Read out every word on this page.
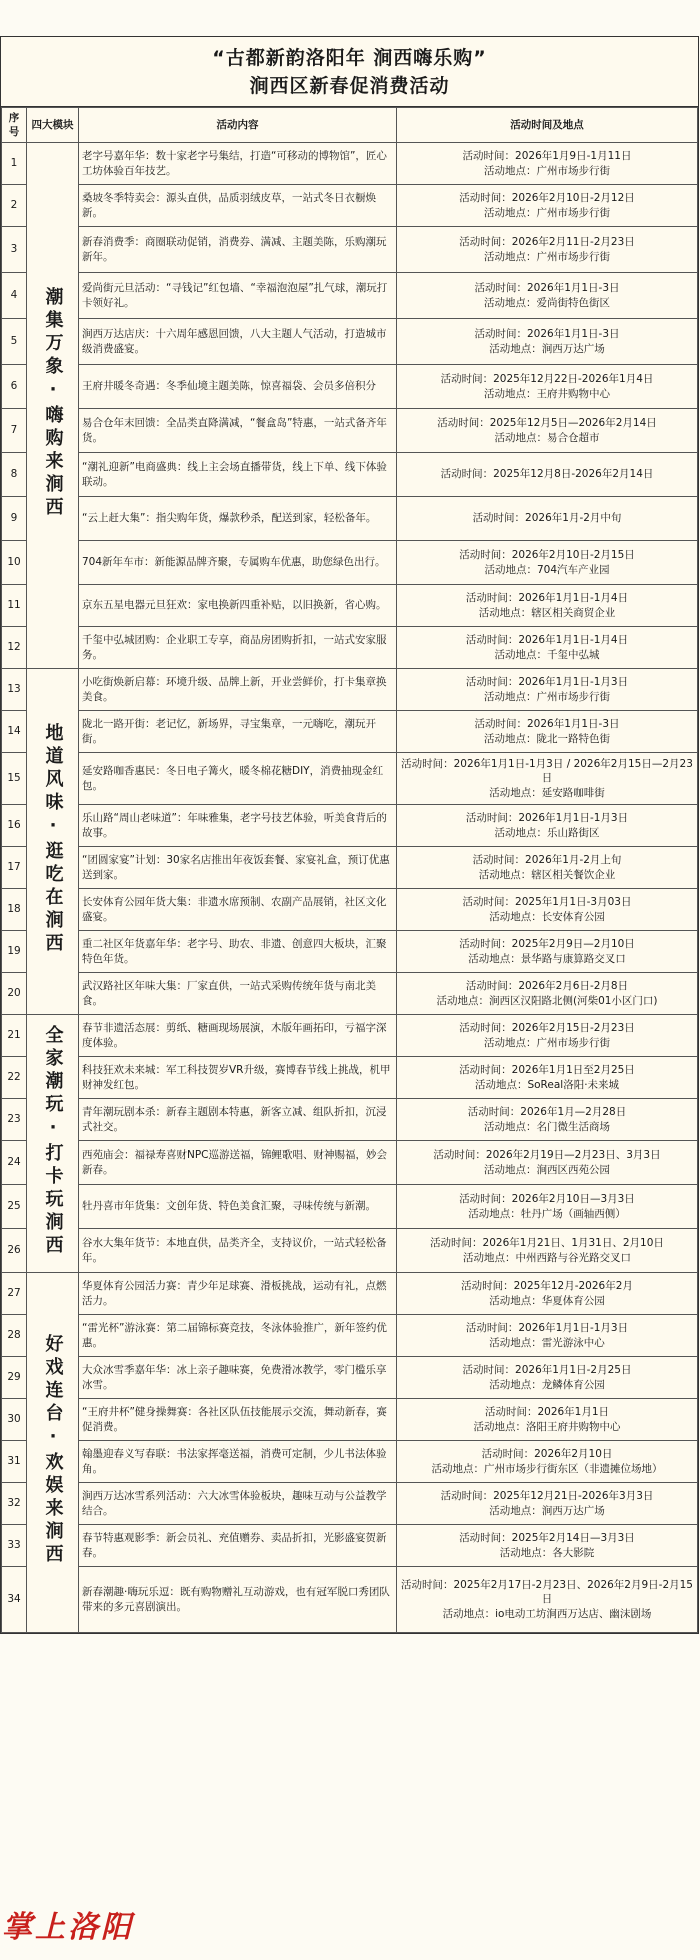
“古都新韵洛阳年 涧西嗨乐购”
涧西区新春促消费活动
序号	四大模块	活动内容	活动时间及地点
1	潮集万象·嗨购来涧西	老字号嘉年华：数十家老字号集结，打造“可移动的博物馆”，匠心工坊体验百年技艺。	活动时间：2026年1月9日-1月11日
活动地点：广州市场步行街

2		桑坡冬季特卖会：源头直供，品质羽绒皮草，一站式冬日衣橱焕新。	活动时间：2026年2月10日-2月12日
活动地点：广州市场步行街

3		新春消费季：商圈联动促销，消费券、满减、主题美陈，乐购潮玩新年。	活动时间：2026年2月11日-2月23日
活动地点：广州市场步行街

4		爱尚街元旦活动：“寻钱记”红包墙、“幸福泡泡屋”扎气球，潮玩打卡领好礼。	活动时间：2026年1月1日-3日
活动地点：爱尚街特色街区

5		涧西万达店庆：十六周年感恩回馈，八大主题人气活动，打造城市级消费盛宴。	活动时间：2026年1月1日-3日
活动地点：涧西万达广场

6		王府井暖冬奇遇：冬季仙境主题美陈，惊喜福袋、会员多倍积分	活动时间：2025年12月22日-2026年1月4日
活动地点：王府井购物中心

7		易合仓年末回馈：全品类直降满减，“餐盒岛”特惠，一站式备齐年货。	活动时间：2025年12月5日—2026年2月14日
活动地点：易合仓超市

8		“潮礼迎新”电商盛典：线上主会场直播带货，线上下单、线下体验联动。	活动时间：2025年12月8日-2026年2月14日

9		“云上赶大集”：指尖购年货，爆款秒杀，配送到家，轻松备年。	活动时间：2026年1月-2月中旬

10		704新年车市：新能源品牌齐聚，专属购车优惠，助您绿色出行。	活动时间：2026年2月10日-2月15日
活动地点：704汽车产业园

11		京东五星电器元旦狂欢：家电换新四重补贴，以旧换新，省心购。	活动时间：2026年1月1日-1月4日
活动地点：辖区相关商贸企业

12		千玺中弘城团购：企业职工专享，商品房团购折扣，一站式安家服务。	活动时间：2026年1月1日-1月4日
活动地点：千玺中弘城

13	地道风味·逛吃在涧西	小吃街焕新启幕：环境升级、品牌上新，开业尝鲜价，打卡集章换美食。	活动时间：2026年1月1日-1月3日
活动地点：广州市场步行街

14		陇北一路开街：老记忆，新场界，寻宝集章，一元嗨吃，潮玩开街。	活动时间：2026年1月1日-3日
活动地点：陇北一路特色街

15		延安路咖香惠民：冬日电子篝火，暖冬棉花糖DIY，消费抽现金红包。	活动时间：2026年1月1日-1月3日 / 2026年2月15日—2月23日
活动地点：延安路咖啡街

16		乐山路“周山老味道”：年味雅集，老字号技艺体验，听美食背后的故事。	活动时间：2026年1月1日-1月3日
活动地点：乐山路街区

17		“团圆家宴”计划：30家名店推出年夜饭套餐、家宴礼盒，预订优惠送到家。	活动时间：2026年1月-2月上旬
活动地点：辖区相关餐饮企业

18		长安体育公园年货大集：非遗水席预制、农副产品展销，社区文化盛宴。	活动时间：2025年1月1日-3月03日
活动地点：长安体育公园

19		重二社区年货嘉年华：老字号、助农、非遗、创意四大板块，汇聚特色年货。	活动时间：2025年2月9日—2月10日
活动地点：景华路与康算路交叉口

20		武汉路社区年味大集：厂家直供，一站式采购传统年货与南北美食。	活动时间：2026年2月6日-2月8日
活动地点：涧西区汉阳路北侧(河柴01小区门口)

21	全家潮玩·打卡玩涧西	春节非遗活态展：剪纸、糖画现场展演，木版年画拓印，亏福字深度体验。	活动时间：2026年2月15日-2月23日
活动地点：广州市场步行街

22		科技狂欢未来城：军工科技贺岁VR升级，赛博春节线上挑战，机甲财神发红包。	活动时间：2026年1月1日至2月25日
活动地点：SoReal洛阳·未来城

23		青年潮玩剧本杀：新春主题剧本特惠，新客立减、组队折扣，沉浸式社交。	活动时间：2026年1月—2月28日
活动地点：名门微生活商场

24		西苑庙会：福禄寿喜财NPC巡游送福，锦鲤歌唱、财神赐福，妙会新春。	活动时间：2026年2月19日—2月23日、3月3日
活动地点：涧西区西苑公园

25		牡丹喜市年货集：文创年货、特色美食汇聚，寻味传统与新潮。	活动时间：2026年2月10日—3月3日
活动地点：牡丹广场（画轴西侧）

26		谷水大集年货节：本地直供，品类齐全，支持议价，一站式轻松备年。	活动时间：2026年1月21日、1月31日、2月10日
活动地点：中州西路与谷光路交叉口

27	好戏连台·欢娱来涧西	华夏体育公园活力赛：青少年足球赛、滑板挑战，运动有礼，点燃活力。	活动时间：2025年12月-2026年2月
活动地点：华夏体育公园

28		“雷光杯”游泳赛：第二届锦标赛竞技，冬泳体验推广，新年签约优惠。	活动时间：2026年1月1日-1月3日
活动地点：雷光游泳中心

29		大众冰雪季嘉年华：冰上亲子趣味赛，免费滑冰教学，零门槛乐享冰雪。	活动时间：2026年1月1日-2月25日
活动地点：龙鳞体育公园

30		“王府井杯”健身操舞赛：各社区队伍技能展示交流，舞动新春，赛促消费。	活动时间：2026年1月1日
活动地点：洛阳王府井购物中心

31		翰墨迎春义写春联：书法家挥毫送福，消费可定制，少儿书法体验角。	活动时间：2026年2月10日
活动地点：广州市场步行街东区（非遗摊位场地）

32		涧西万达冰雪系列活动：六大冰雪体验板块，趣味互动与公益教学结合。	活动时间：2025年12月21日-2026年3月3日
活动地点：涧西万达广场

33		春节特惠观影季：新会员礼、充值赠券、卖品折扣，光影盛宴贺新春。	活动时间：2025年2月14日—3月3日
活动地点：各大影院

34		新春潮趣·嗨玩乐逗：既有购物赠礼互动游戏，也有冠军脱口秀团队带来的多元喜剧演出。	活动时间：2025年2月17日-2月23日、2026年2月9日-2月15日
活动地点：io电动工坊涧西万达店、幽沫剧场
掌上洛阳
